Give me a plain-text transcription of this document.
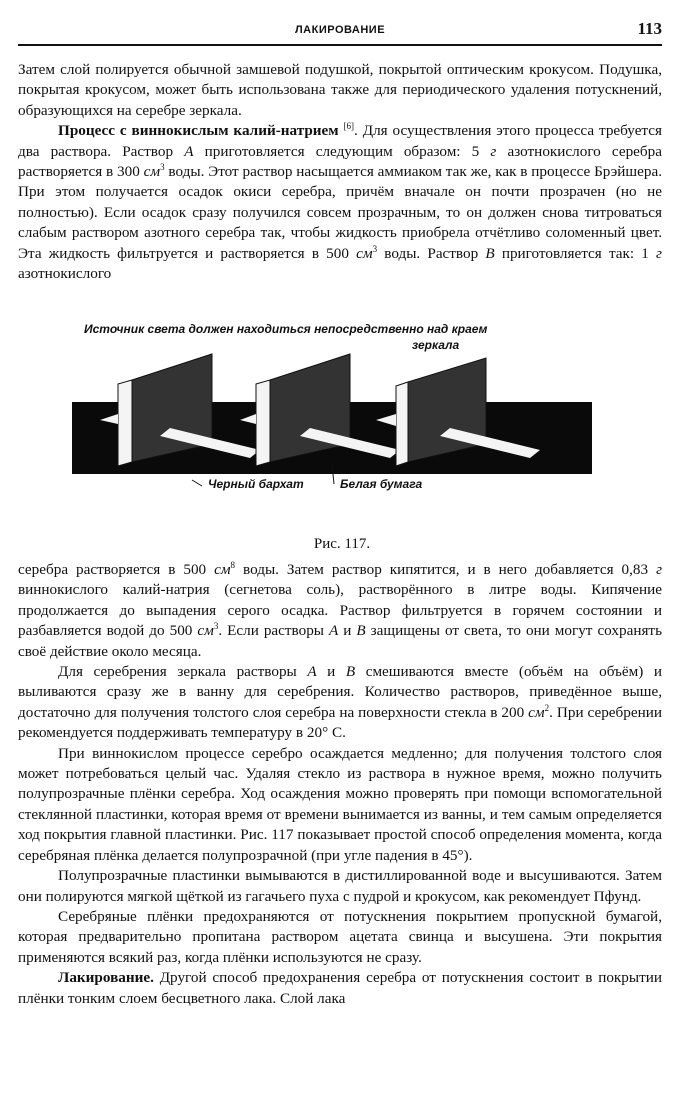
ЛАКИРОВАНИЕ	113

Затем слой полируется обычной замшевой подушкой, покрытой оптическим крокусом. Подушка, покрытая крокусом, может быть использована также для периодического удаления потускнений, образующихся на серебре зеркала.

Процесс с виннокислым калий-натрием [6]. Для осуществления этого процесса требуется два раствора. Раствор A приготовляется следующим образом: 5 г азотнокислого серебра растворяется в 300 $см^3$ воды. Этот раствор насыщается аммиаком так же, как в процессе Брэйшера. При этом получается осадок окиси серебра, причём вначале он почти прозрачен (но не полностью). Если осадок сразу получился совсем прозрачным, то он должен снова титроваться слабым раствором азотного серебра так, чтобы жидкость приобрела отчётливо соломенный цвет. Эта жидкость фильтруется и растворяется в 500 $см^3$ воды. Раствор B приготовляется так: 1 г азотнокислого

Источник света должен находиться непосредственно над краем
зеркала
Черный бархат	Белая бумага
Рис. 117.

серебра растворяется в 500 $см^8$ воды. Затем раствор кипятится, и в него добавляется 0,83 г виннокислого калий-натрия (сегнетова соль), растворённого в литре воды. Кипячение продолжается до выпадения серого осадка. Раствор фильтруется в горячем состоянии и разбавляется водой до 500 $см^3$. Если растворы A и B защищены от света, то они могут сохранять своё действие около месяца.

Для серебрения зеркала растворы A и B смешиваются вместе (объём на объём) и выливаются сразу же в ванну для серебрения. Количество растворов, приведённое выше, достаточно для получения толстого слоя серебра на поверхности стекла в 200 $см^2$. При серебрении рекомендуется поддерживать температуру в 20° С.

При виннокислом процессе серебро осаждается медленно; для получения толстого слоя может потребоваться целый час. Удаляя стекло из раствора в нужное время, можно получить полупрозрачные плёнки серебра. Ход осаждения можно проверять при помощи вспомогательной стеклянной пластинки, которая время от времени вынимается из ванны, и тем самым определяется ход покрытия главной пластинки. Рис. 117 показывает простой способ определения момента, когда серебряная плёнка делается полупрозрачной (при угле падения в 45°).

Полупрозрачные пластинки вымываются в дистиллированной воде и высушиваются. Затем они полируются мягкой щёткой из гагачьего пуха с пудрой и крокусом, как рекомендует Пфунд.

Серебряные плёнки предохраняются от потускнения покрытием пропускной бумагой, которая предварительно пропитана раствором ацетата свинца и высушена. Эти покрытия применяются всякий раз, когда плёнки используются не сразу.

Лакирование. Другой способ предохранения серебра от потускнения состоит в покрытии плёнки тонким слоем бесцветного лака. Слой лака
